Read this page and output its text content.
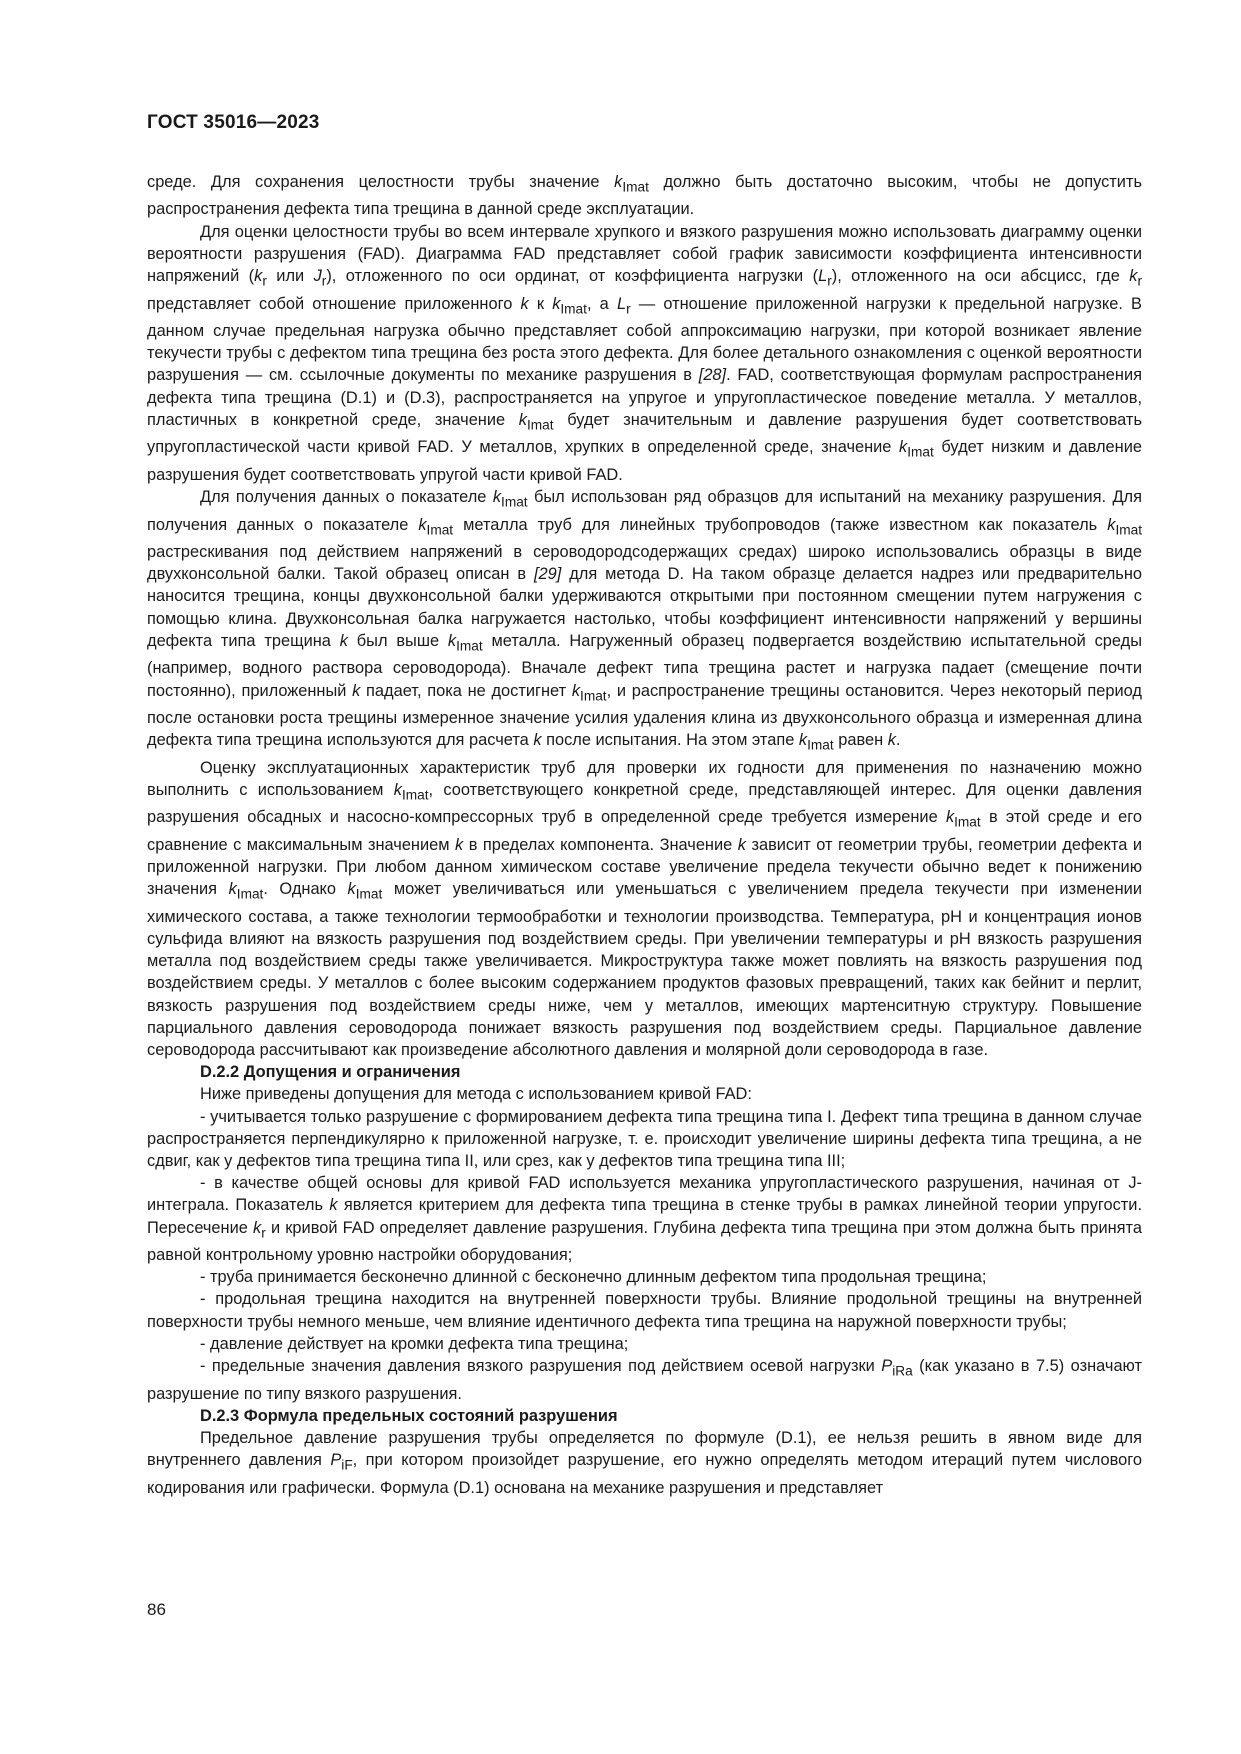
ГОСТ 35016—2023

среде. Для сохранения целостности трубы значение $k_{Imat}$ должно быть достаточно высоким, чтобы не допустить распространения дефекта типа трещина в данной среде эксплуатации.

Для оценки целостности трубы во всем интервале хрупкого и вязкого разрушения можно использовать диаграмму оценки вероятности разрушения (FAD). Диаграмма FAD представляет собой график зависимости коэффициента интенсивности напряжений ($k_r$ или $J_r$), отложенного по оси ординат, от коэффициента нагрузки $(L_r)$, отложенного на оси абсцисс, где $k_r$ представляет собой отношение приложенного k к $k_{Imat}$, а $L_r$ — отношение приложенной нагрузки к предельной нагрузке. В данном случае предельная нагрузка обычно представляет собой аппроксимацию нагрузки, при которой возникает явление текучести трубы с дефектом типа трещина без роста этого дефекта. Для более детального ознакомления с оценкой вероятности разрушения — см. ссылочные документы по механике разрушения в [28]. FAD, соответствующая формулам распространения дефекта типа трещина (D.1) и (D.3), распространяется на упругое и упругопластическое поведение металла. У металлов, пластичных в конкретной среде, значение $k_{Imat}$ будет значительным и давление разрушения будет соответствовать упругопластической части кривой FAD. У металлов, хрупких в определенной среде, значение $k_{Imat}$ будет низким и давление разрушения будет соответствовать упругой части кривой FAD.

Для получения данных о показателе $k_{Imat}$ был использован ряд образцов для испытаний на механику разрушения. Для получения данных о показателе $k_{Imat}$ металла труб для линейных трубопроводов (также известном как показатель $k_{Imat}$ растрескивания под действием напряжений в сероводородсодержащих средах) широко использовались образцы в виде двухконсольной балки. Такой образец описан в [29] для метода D. На таком образце делается надрез или предварительно наносится трещина, концы двухконсольной балки удерживаются открытыми при постоянном смещении путем нагружения с помощью клина. Двухконсольная балка нагружается настолько, чтобы коэффициент интенсивности напряжений у вершины дефекта типа трещина k был выше $k_{Imat}$ металла. Нагруженный образец подвергается воздействию испытательной среды (например, водного раствора сероводорода). Вначале дефект типа трещина растет и нагрузка падает (смещение почти постоянно), приложенный k падает, пока не достигнет $k_{Imat}$, и распространение трещины остановится. Через некоторый период после остановки роста трещины измеренное значение усилия удаления клина из двухконсольного образца и измеренная длина дефекта типа трещина используются для расчета k после испытания. На этом этапе $k_{Imat}$ равен k.

Оценку эксплуатационных характеристик труб для проверки их годности для применения по назначению можно выполнить с использованием $k_{Imat}$, соответствующего конкретной среде, представляющей интерес. Для оценки давления разрушения обсадных и насосно-компрессорных труб в определенной среде требуется измерение $k_{Imat}$ в этой среде и его сравнение с максимальным значением k в пределах компонента. Значение k зависит от геометрии трубы, геометрии дефекта и приложенной нагрузки. При любом данном химическом составе увеличение предела текучести обычно ведет к понижению значения $k_{Imat}$. Однако $k_{Imat}$ может увеличиваться или уменьшаться с увеличением предела текучести при изменении химического состава, а также технологии термообработки и технологии производства. Температура, pH и концентрация ионов сульфида влияют на вязкость разрушения под воздействием среды. При увеличении температуры и pH вязкость разрушения металла под воздействием среды также увеличивается. Микроструктура также может повлиять на вязкость разрушения под воздействием среды. У металлов с более высоким содержанием продуктов фазовых превращений, таких как бейнит и перлит, вязкость разрушения под воздействием среды ниже, чем у металлов, имеющих мартенситную структуру. Повышение парциального давления сероводорода понижает вязкость разрушения под воздействием среды. Парциальное давление сероводорода рассчитывают как произведение абсолютного давления и молярной доли сероводорода в газе.

D.2.2 Допущения и ограничения

Ниже приведены допущения для метода с использованием кривой FAD:

- учитывается только разрушение с формированием дефекта типа трещина типа I. Дефект типа трещина в данном случае распространяется перпендикулярно к приложенной нагрузке, т. е. происходит увеличение ширины дефекта типа трещина, а не сдвиг, как у дефектов типа трещина типа II, или срез, как у дефектов типа трещина типа III;

- в качестве общей основы для кривой FAD используется механика упругопластического разрушения, начиная от J-интеграла. Показатель k является критерием для дефекта типа трещина в стенке трубы в рамках линейной теории упругости. Пересечение $k_r$ и кривой FAD определяет давление разрушения. Глубина дефекта типа трещина при этом должна быть принята равной контрольному уровню настройки оборудования;

- труба принимается бесконечно длинной с бесконечно длинным дефектом типа продольная трещина;

- продольная трещина находится на внутренней поверхности трубы. Влияние продольной трещины на внутренней поверхности трубы немного меньше, чем влияние идентичного дефекта типа трещина на наружной поверхности трубы;

- давление действует на кромки дефекта типа трещина;

- предельные значения давления вязкого разрушения под действием осевой нагрузки $P_{iRa}$ (как указано в 7.5) означают разрушение по типу вязкого разрушения.

D.2.3 Формула предельных состояний разрушения

Предельное давление разрушения трубы определяется по формуле (D.1), ее нельзя решить в явном виде для внутреннего давления $P_{iF}$, при котором произойдет разрушение, его нужно определять методом итераций путем числового кодирования или графически. Формула (D.1) основана на механике разрушения и представляет

86
